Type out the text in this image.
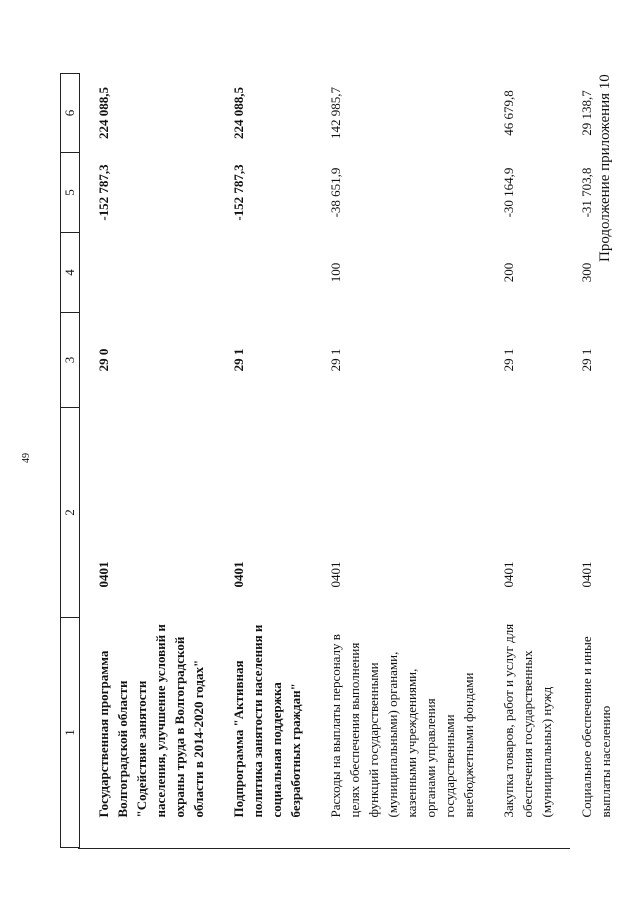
49
Продолжение приложения 10
1	2	3	4	5	6
Государственная программа Волгоградской области "Содействие занятости населения, улучшение условий и охраны труда в Волгоградской области в 2014-2020 годах"	0401	29 0		-152 787,3	224 088,5
Подпрограмма "Активная политика занятости населения и социальная поддержка безработных граждан"	0401	29 1		-152 787,3	224 088,5
Расходы на выплаты персоналу в целях обеспечения выполнения функций государственными (муниципальными) органами, казенными учреждениями, органами управления государственными внебюджетными фондами	0401	29 1	100	-38 651,9	142 985,7
Закупка товаров, работ и услуг для обеспечения государственных (муниципальных) нужд	0401	29 1	200	-30 164,9	46 679,8
Социальное обеспечение и иные выплаты населению	0401	29 1	300	-31 703,8	29 138,7
